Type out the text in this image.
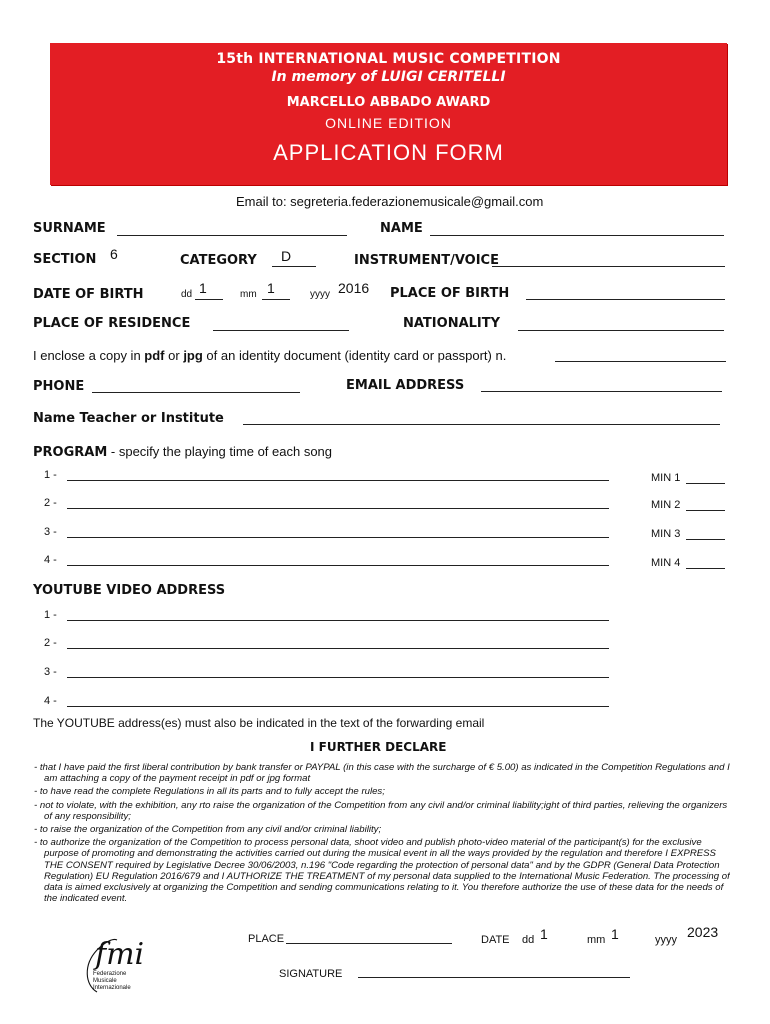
15th INTERNATIONAL MUSIC COMPETITION
In memory of LUIGI CERITELLI
MARCELLO ABBADO AWARD
ONLINE EDITION
APPLICATION FORM
Email to: segreteria.federazionemusicale@gmail.com
SURNAME	NAME
SECTION 6	CATEGORY D	INSTRUMENT/VOICE
DATE OF BIRTH	dd 1	mm 1	yyyy 2016 PLACE OF BIRTH
PLACE OF RESIDENCE	NATIONALITY
I enclose a copy in pdf or jpg of an identity document (identity card or passport) n.
PHONE	EMAIL ADDRESS
Name Teacher or Institute
PROGRAM - specify the playing time of each song
1 -	MIN 1
2 -	MIN 2
3 -	MIN 3
4 -	MIN 4
YOUTUBE VIDEO ADDRESS
1 -
2 -
3 -
4 -
The YOUTUBE address(es) must also be indicated in the text of the forwarding email
I FURTHER DECLARE

- that I have paid the first liberal contribution by bank transfer or PAYPAL (in this case with the surcharge of € 5.00) as indicated in the Competition Regulations and I am attaching a copy of the payment receipt in pdf or jpg format

- to have read the complete Regulations in all its parts and to fully accept the rules;

- not to violate, with the exhibition, any rto raise the organization of the Competition from any civil and/or criminal liability;ight of third parties, relieving the organizers of any responsibility;

- to raise the organization of the Competition from any civil and/or criminal liability;

- to authorize the organization of the Competition to process personal data, shoot video and publish photo-video material of the participant(s) for the exclusive purpose of promoting and demonstrating the activities carried out during the musical event in all the ways provided by the regulation and therefore I EXPRESS THE CONSENT required by Legislative Decree 30/06/2003, n.196 "Code regarding the protection of personal data" and by the GDPR (General Data Protection Regulation) EU Regulation 2016/679 and I AUTHORIZE THE TREATMENT of my personal data supplied to the International Music Federation. The processing of data is aimed exclusively at organizing the Competition and sending communications relating to it. You therefore authorize the use of these data for the needs of the indicated event.

fmi
Federazione
Musicale
Internazionale
PLACE	DATE dd 1	mm 1	yyyy 2023
SIGNATURE
